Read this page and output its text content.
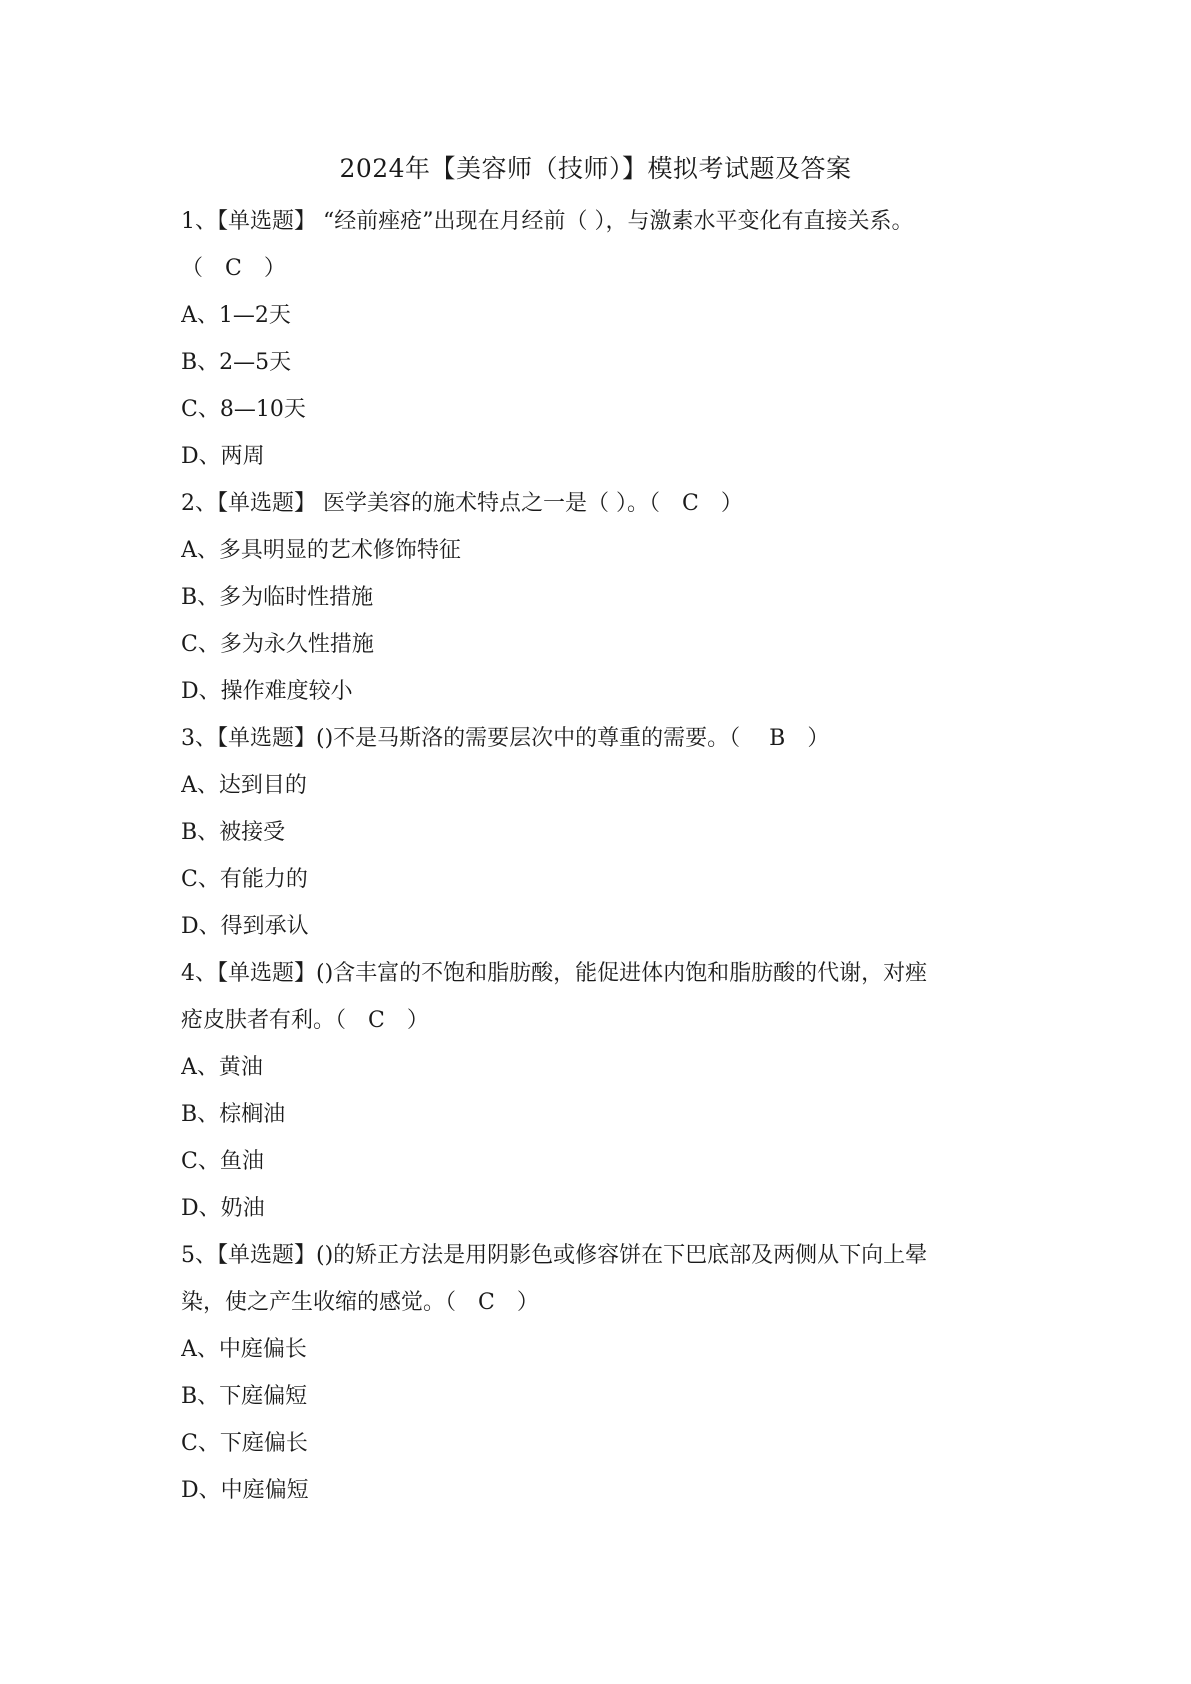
2024年【美容师（技师）】模拟考试题及答案
1、【单选题】 “经前痤疮”出现在月经前（ ），与激素水平变化有直接关系。
（　C　）
A、1—2天
B、2—5天
C、8—10天
D、两周
2、【单选题】 医学美容的施术特点之一是（ ）。（　C　）
A、多具明显的艺术修饰特征
B、多为临时性措施
C、多为永久性措施
D、操作难度较小
3、【单选题】()不是马斯洛的需要层次中的尊重的需要。（　 B　）
A、达到目的
B、被接受
C、有能力的
D、得到承认
4、【单选题】()含丰富的不饱和脂肪酸，能促进体内饱和脂肪酸的代谢，对痤
疮皮肤者有利。（　C　）
A、黄油
B、棕榈油
C、鱼油
D、奶油
5、【单选题】()的矫正方法是用阴影色或修容饼在下巴底部及两侧从下向上晕
染，使之产生收缩的感觉。（　C　）
A、中庭偏长
B、下庭偏短
C、下庭偏长
D、中庭偏短
